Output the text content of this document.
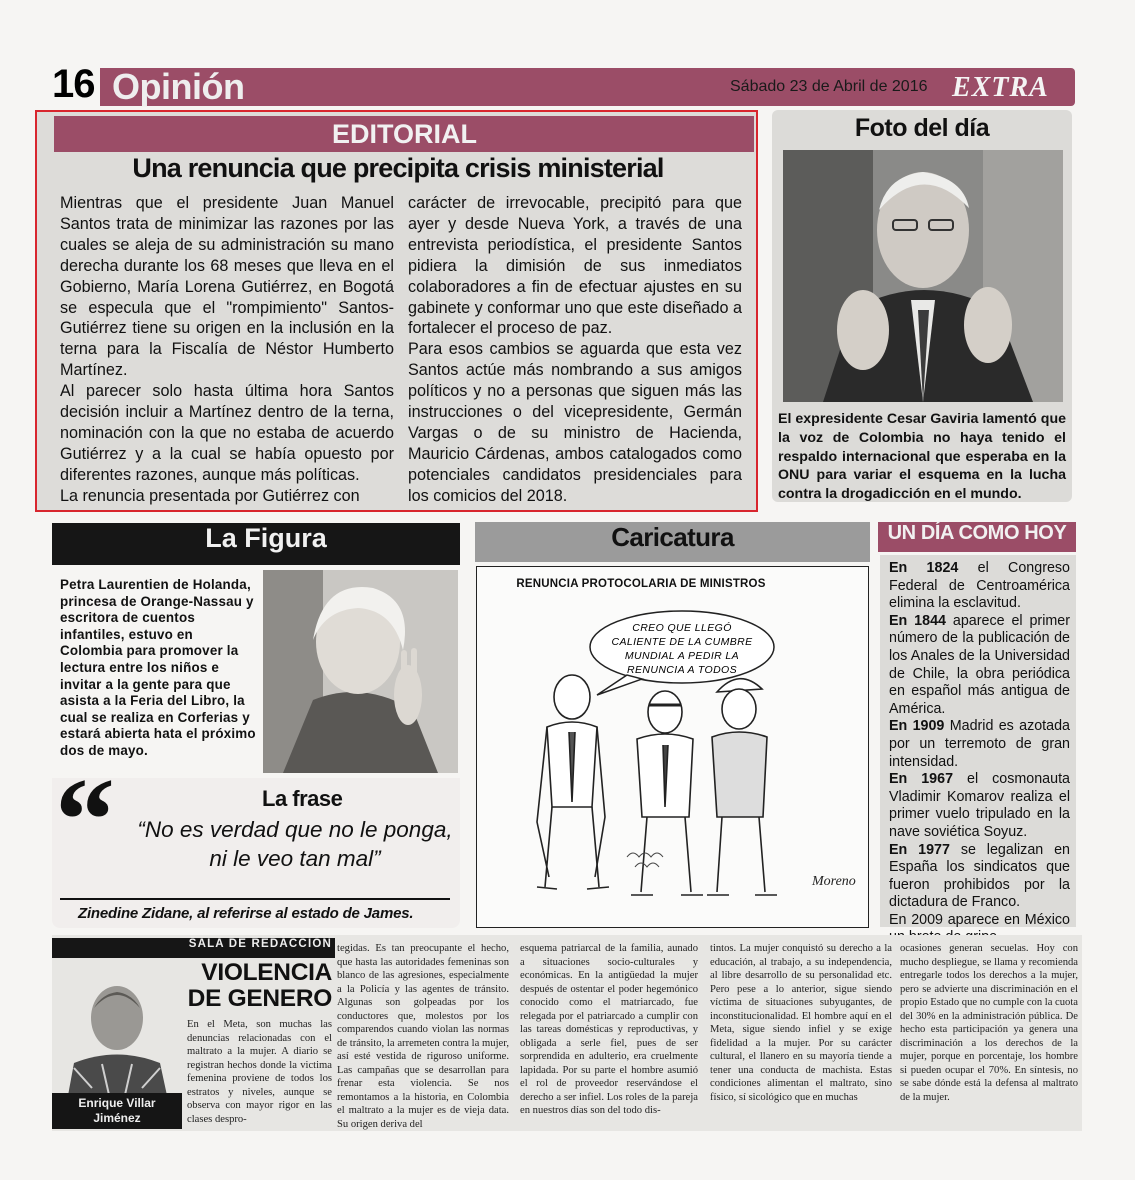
16 Opinión	Sábado 23 de Abril de 2016 EXTRA
EDITORIAL
Una renuncia que precipita crisis ministerial

Mientras que el presidente Juan Manuel Santos trata de minimizar las razones por las cuales se aleja de su administración su mano derecha durante los 68 meses que lleva en el Gobierno, María Lorena Gutiérrez, en Bogotá se especula que el "rompimiento" Santos-Gutiérrez tiene su origen en la inclusión en la terna para la Fiscalía de Néstor Humberto Martínez.

Al parecer solo hasta última hora Santos decisión incluir a Martínez dentro de la terna, nominación con la que no estaba de acuerdo Gutiérrez y a la cual se había opuesto por diferentes razones, aunque más políticas.

La renuncia presentada por Gutiérrez con

carácter de irrevocable, precipitó para que ayer y desde Nueva York, a través de una entrevista periodística, el presidente Santos pidiera la dimisión de sus inmediatos colaboradores a fin de efectuar ajustes en su gabinete y conformar uno que este diseñado a fortalecer el proceso de paz.

Para esos cambios se aguarda que esta vez Santos actúe más nombrando a sus amigos políticos y no a personas que siguen más las instrucciones o del vicepresidente, Germán Vargas o de su ministro de Hacienda, Mauricio Cárdenas, ambos catalogados como potenciales candidatos presidenciales para los comicios del 2018.

Foto del día
El expresidente Cesar Gaviria lamentó que la voz de Colombia no haya tenido el respaldo internacional que esperaba en la ONU para variar el esquema en la lucha contra la drogadicción en el mundo.
La Figura
Petra Laurentien de Holanda, princesa de Orange-Nassau y escritora de cuentos infantiles, estuvo en Colombia para promover la lectura entre los niños e invitar a la gente para que asista a la Feria del Libro, la cual se realiza en Corferias y estará abierta hata el próximo dos de mayo.
“	La frase
“No es verdad que no le ponga, ni le veo tan mal”
Zinedine Zidane, al referirse al estado de James.
Caricatura
CREO QUE LLEGÓ
CALIENTE DE LA CUMBRE
MUNDIAL A PEDIR LA
RENUNCIA A TODOS
Moreno
RENUNCIA PROTOCOLARIA DE MINISTROS
UN DÍA COMO HOY

En 1824 el Congreso Federal de Centroamérica elimina la esclavitud.

En 1844 aparece el primer número de la publicación de los Anales de la Universidad de Chile, la obra periódica en español más antigua de América.

En 1909 Madrid es azotada por un terremoto de gran intensidad.

En 1967 el cosmonauta Vladimir Komarov realiza el primer vuelo tripulado en la nave soviética Soyuz.

En 1977 se legalizan en España los sindicatos que fueron prohibidos por la dictadura de Franco.

En 2009 aparece en México

SALA DE REDACCIÓN
Enrique Villar
Jiménez
VIOLENCIA
DE GENERO
En el Meta, son muchas las denuncias relacionadas con el maltrato a la mujer. A diario se registran hechos donde la victima femenina proviene de todos los estratos y niveles, aunque se observa con mayor rigor en las clases despro-
tegidas. Es tan preocupante el hecho, que hasta las autoridades femeninas son blanco de las agresiones, especialmente a la Policía y las agentes de tránsito. Algunas son golpeadas por los conductores que, molestos por los comparendos cuando violan las normas de tránsito, la arremeten contra la mujer, así esté vestida de riguroso uniforme. Las campañas que se desarrollan para frenar esta violencia. Se nos remontamos a la historia, en Colombia el maltrato a la mujer es de vieja data. Su origen deriva del
esquema patriarcal de la familia, aunado a situaciones socio-culturales y económicas. En la antigüedad la mujer después de ostentar el poder hegemónico conocido como el matriarcado, fue relegada por el patriarcado a cumplir con las tareas domésticas y reproductivas, y obligada a serle fiel, pues de ser sorprendida en adulterio, era cruelmente lapidada. Por su parte el hombre asumió el rol de proveedor reservándose el derecho a ser infiel. Los roles de la pareja en nuestros días son del todo dis-
tintos. La mujer conquistó su derecho a la educación, al trabajo, a su independencia, al libre desarrollo de su personalidad etc. Pero pese a lo anterior, sigue siendo víctima de situaciones subyugantes, de inconstitucionalidad. El hombre aquí en el Meta, sigue siendo infiel y se exige fidelidad a la mujer. Por su carácter cultural, el llanero en su mayoría tiende a tener una conducta de machista. Estas condiciones alimentan el maltrato, sino físico, sí sicológico que en muchas
ocasiones generan secuelas. Hoy con mucho despliegue, se llama y recomienda entregarle todos los derechos a la mujer, pero se advierte una discriminación en el propio Estado que no cumple con la cuota del 30% en la administración pública. De hecho esta participación ya genera una discriminación a los derechos de la mujer, porque en porcentaje, los hombre si pueden ocupar el 70%. En síntesis, no se sabe dónde está la defensa al maltrato de la mujer.
